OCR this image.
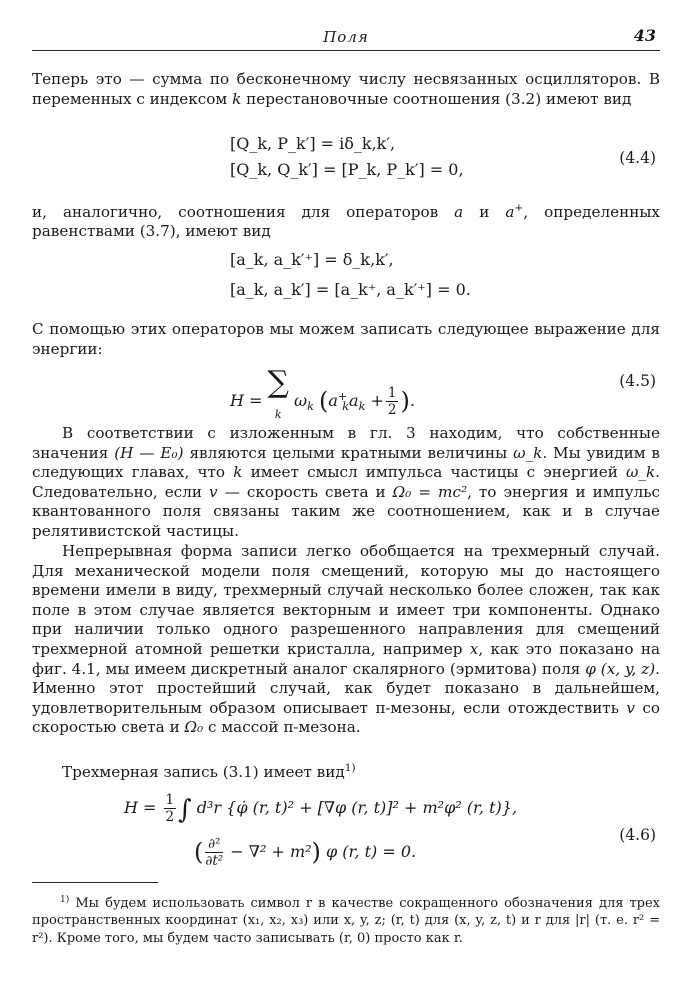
Поля	43
Теперь это — сумма по бесконечному числу несвязанных осцилляторов. В переменных с индексом k перестановочные соотношения (3.2) имеют вид
[Q_k, P_k′] = iδ_k,k′,
[Q_k, Q_k′] = [P_k, P_k′] = 0,
(4.4)
и, аналогично, соотношения для операторов a и a+, определенных равенствами (3.7), имеют вид
[a_k, a_k′⁺] = δ_k,k′,
[a_k, a_k′] = [a_k⁺, a_k′⁺] = 0.
С помощью этих операторов мы можем записать следующее выражение для энергии:
H = ∑
k $\omega_k$ ($a^+_ka_k + \frac{1}{2}$ ).
(4.5)
В соответствии с изложенным в гл. 3 находим, что собственные значения (H — E₀) являются целыми кратными величины ω_k. Мы увидим в следующих главах, что k имеет смысл импульса частицы с энергией ω_k. Следовательно, если v — скорость света и Ω₀ = mc², то энергия и импульс квантованного поля связаны таким же соотношением, как и в случае релятивистской частицы.
Непрерывная форма записи легко обобщается на трехмерный случай. Для механической модели поля смещений, которую мы до настоящего времени имели в виду, трехмерный случай несколько более сложен, так как поле в этом случае является векторным и имеет три компоненты. Однако при наличии только одного разрешенного направления для смещений трехмерной атомной решетки кристалла, например x, как это показано на фиг. 4.1, мы имеем дискретный аналог скалярного (эрмитова) поля φ (x, y, z). Именно этот простейший случай, как будет показано в дальнейшем, удовлетворительным образом описывает π-мезоны, если отождествить v со скоростью света и Ω₀ с массой π-мезона.
Трехмерная запись (3.1) имеет вид$^{1)}$
$H = \frac{1}{2}$ ∫ d³r {φ̇ (r, t)² + [∇φ (r, t)]² + m²φ² (r, t)},
( $\frac{\text{∂²}}{\text{∂t²}} - \nabla^2 + m^2$) φ (r, t) = 0.
(4.6)
$^{1)}$ Мы будем использовать символ r в качестве сокращенного обозначения для трех пространственных координат (x₁, x₂, x₃) или x, y, z; (r, t) для (x, y, z, t) и r для |r| (т. е. r² = r²). Кроме того, мы будем часто записывать (r, 0) просто как r.
